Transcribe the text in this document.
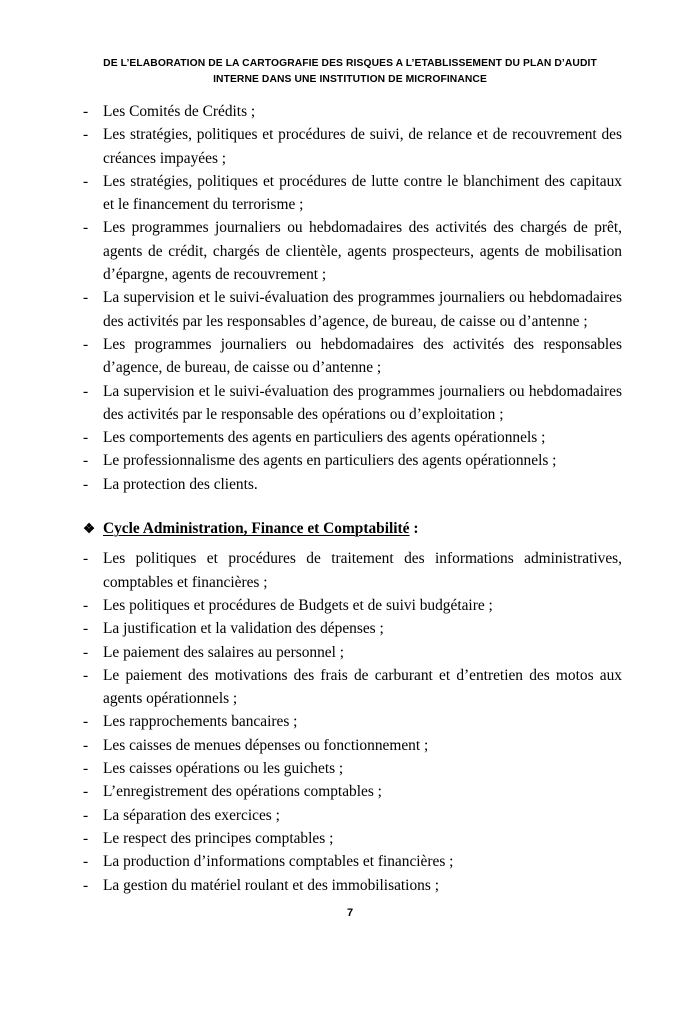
DE L’ELABORATION DE LA CARTOGRAFIE DES RISQUES A L’ETABLISSEMENT DU PLAN D’AUDIT
INTERNE DANS UNE INSTITUTION DE MICROFINANCE
- Les Comités de Crédits ;
- Les stratégies, politiques et procédures de suivi, de relance et de recouvrement des créances impayées ;
- Les stratégies, politiques et procédures de lutte contre le blanchiment des capitaux et le financement du terrorisme ;
- Les programmes journaliers ou hebdomadaires des activités des chargés de prêt, agents de crédit, chargés de clientèle, agents prospecteurs, agents de mobilisation d’épargne, agents de recouvrement ;
- La supervision et le suivi-évaluation des programmes journaliers ou hebdomadaires des activités par les responsables d’agence, de bureau, de caisse ou d’antenne ;
- Les programmes journaliers ou hebdomadaires des activités des responsables d’agence, de bureau, de caisse ou d’antenne ;
- La supervision et le suivi-évaluation des programmes journaliers ou hebdomadaires des activités par le responsable des opérations ou d’exploitation ;
- Les comportements des agents en particuliers des agents opérationnels ;
- Le professionnalisme des agents en particuliers des agents opérationnels ;
- La protection des clients.
❖ Cycle Administration, Finance et Comptabilité :
- Les politiques et procédures de traitement des informations administratives, comptables et financières ;
- Les politiques et procédures de Budgets et de suivi budgétaire ;
- La justification et la validation des dépenses ;
- Le paiement des salaires au personnel ;
- Le paiement des motivations des frais de carburant et d’entretien des motos aux agents opérationnels ;
- Les rapprochements bancaires ;
- Les caisses de menues dépenses ou fonctionnement ;
- Les caisses opérations ou les guichets ;
- L’enregistrement des opérations comptables ;
- La séparation des exercices ;
- Le respect des principes comptables ;
- La production d’informations comptables et financières ;
- La gestion du matériel roulant et des immobilisations ;
7
